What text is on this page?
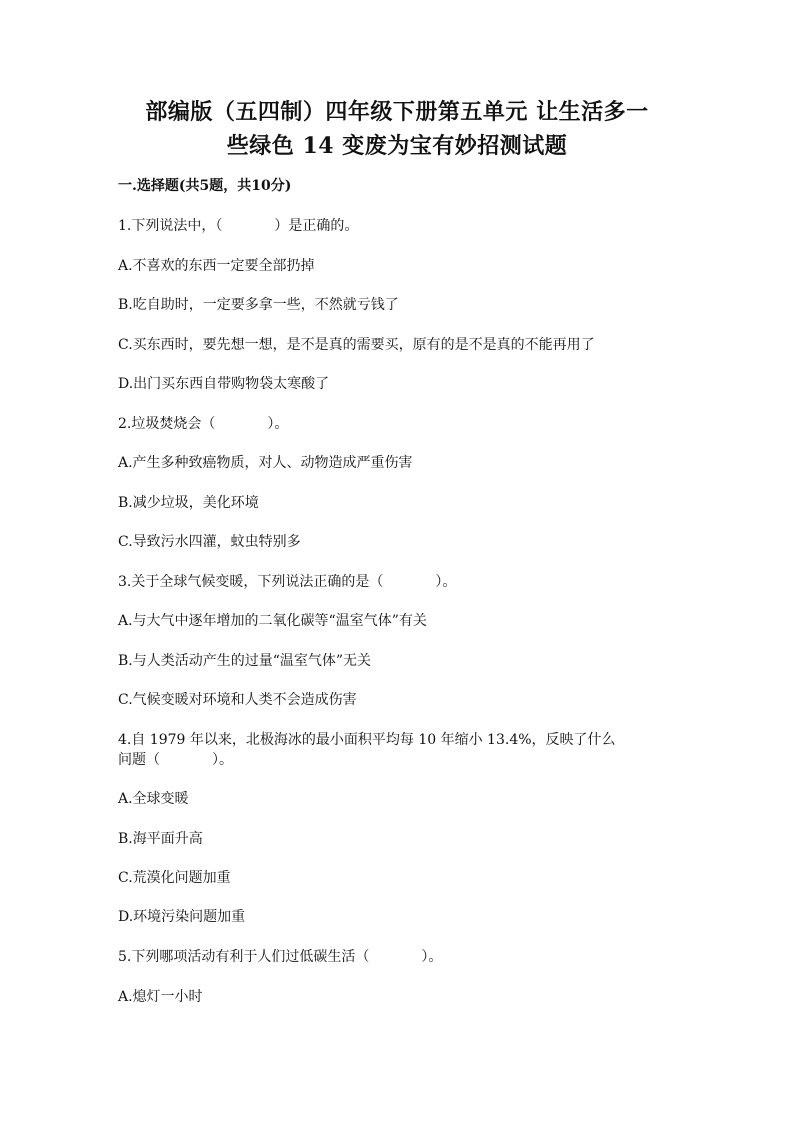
部编版（五四制）四年级下册第五单元 让生活多一
些绿色 14 变废为宝有妙招测试题
一.选择题(共5题，共10分)
1.下列说法中，（	）是正确的。
A.不喜欢的东西一定要全部扔掉
B.吃自助时，一定要多拿一些，不然就亏钱了
C.买东西时，要先想一想，是不是真的需要买，原有的是不是真的不能再用了
D.出门买东西自带购物袋太寒酸了
2.垃圾焚烧会（	）。
A.产生多种致癌物质，对人、动物造成严重伤害
B.减少垃圾，美化环境
C.导致污水四灌，蚊虫特别多
3.关于全球气候变暖，下列说法正确的是（	）。
A.与大气中逐年增加的二氧化碳等“温室气体”有关
B.与人类活动产生的过量“温室气体”无关
C.气候变暖对环境和人类不会造成伤害
4.自 1979 年以来，北极海冰的最小面积平均每 10 年缩小 13.4%，反映了什么
问题（	）。
A.全球变暖
B.海平面升高
C.荒漠化问题加重
D.环境污染问题加重
5.下列哪项活动有利于人们过低碳生活（	）。
A.熄灯一小时
